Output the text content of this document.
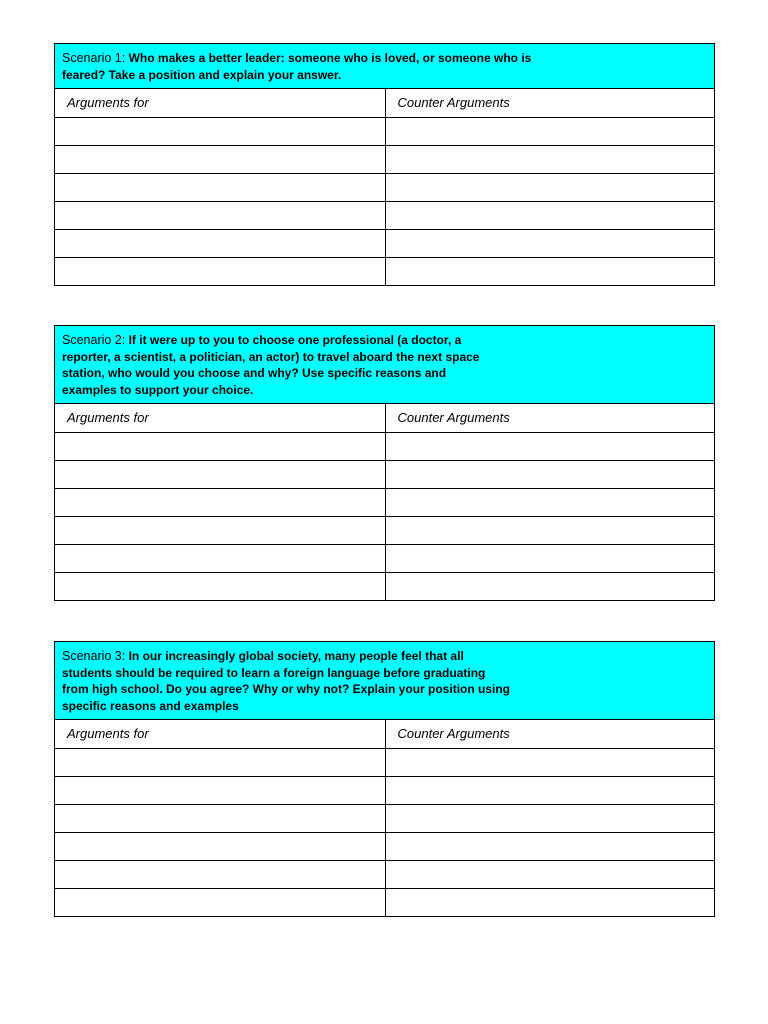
Scenario 1: Who makes a better leader: someone who is loved, or someone who is feared? Take a position and explain your answer.
Arguments for	Counter Arguments

Scenario 2: If it were up to you to choose one professional (a doctor, a reporter, a scientist, a politician, an actor) to travel aboard the next space station, who would you choose and why? Use specific reasons and examples to support your choice.
Arguments for	Counter Arguments

Scenario 3: In our increasingly global society, many people feel that all students should be required to learn a foreign language before graduating from high school. Do you agree? Why or why not? Explain your position using specific reasons and examples
Arguments for	Counter Arguments
